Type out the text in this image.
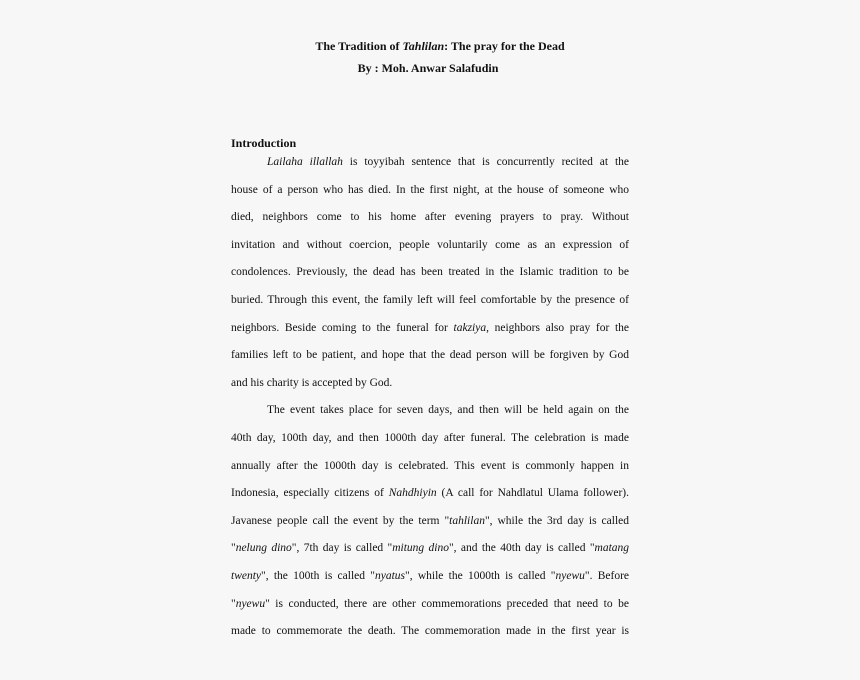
The Tradition of Tahlilan: The pray for the Dead
By : Moh. Anwar Salafudin
Introduction
Lailaha illallah is toyyibah sentence that is concurrently recited at the
house of a person who has died. In the first night, at the house of someone who
died, neighbors come to his home after evening prayers to pray. Without
invitation and without coercion, people voluntarily come as an expression of
condolences. Previously, the dead has been treated in the Islamic tradition to be
buried. Through this event, the family left will feel comfortable by the presence of
neighbors. Beside coming to the funeral for takziya, neighbors also pray for the
families left to be patient, and hope that the dead person will be forgiven by God
and his charity is accepted by God.
The event takes place for seven days, and then will be held again on the
40th day, 100th day, and then 1000th day after funeral. The celebration is made
annually after the 1000th day is celebrated. This event is commonly happen in
Indonesia, especially citizens of Nahdhiyin (A call for Nahdlatul Ulama follower).
Javanese people call the event by the term "tahlilan", while the 3rd day is called
"nelung dino", 7th day is called "mitung dino", and the 40th day is called "matang
twenty", the 100th is called "nyatus", while the 1000th is called "nyewu". Before
"nyewu" is conducted, there are other commemorations preceded that need to be
made to commemorate the death. The commemoration made in the first year is
